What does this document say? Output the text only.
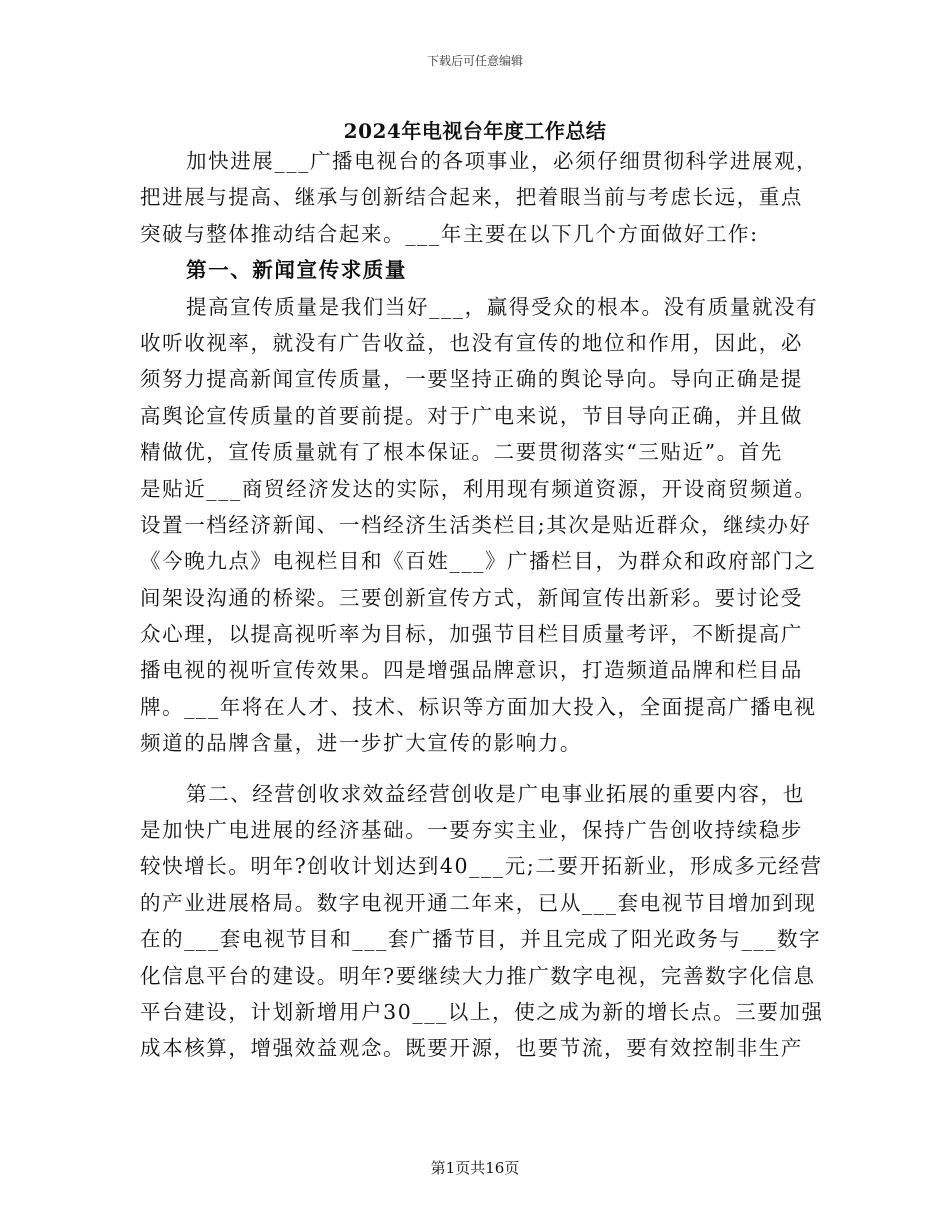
下载后可任意编辑
2024年电视台年度工作总结
加快进展___广播电视台的各项事业，必须仔细贯彻科学进展观，
把进展与提高、继承与创新结合起来，把着眼当前与考虑长远，重点
突破与整体推动结合起来。___年主要在以下几个方面做好工作:
第一、新闻宣传求质量
提高宣传质量是我们当好___，赢得受众的根本。没有质量就没有
收听收视率，就没有广告收益，也没有宣传的地位和作用，因此，必
须努力提高新闻宣传质量，一要坚持正确的舆论导向。导向正确是提
高舆论宣传质量的首要前提。对于广电来说，节目导向正确，并且做
精做优，宣传质量就有了根本保证。二要贯彻落实“三贴近”。首先
是贴近___商贸经济发达的实际，利用现有频道资源，开设商贸频道。
设置一档经济新闻、一档经济生活类栏目;其次是贴近群众，继续办好
《今晚九点》电视栏目和《百姓___》广播栏目，为群众和政府部门之
间架设沟通的桥梁。三要创新宣传方式，新闻宣传出新彩。要讨论受
众心理，以提高视听率为目标，加强节目栏目质量考评，不断提高广
播电视的视听宣传效果。四是增强品牌意识，打造频道品牌和栏目品
牌。___年将在人才、技术、标识等方面加大投入，全面提高广播电视
频道的品牌含量，进一步扩大宣传的影响力。
第二、经营创收求效益经营创收是广电事业拓展的重要内容，也
是加快广电进展的经济基础。一要夯实主业，保持广告创收持续稳步
较快增长。明年?创收计划达到40___元;二要开拓新业，形成多元经营
的产业进展格局。数字电视开通二年来，已从___套电视节目增加到现
在的___套电视节目和___套广播节目，并且完成了阳光政务与___数字
化信息平台的建设。明年?要继续大力推广数字电视，完善数字化信息
平台建设，计划新增用户30___以上，使之成为新的增长点。三要加强
成本核算，增强效益观念。既要开源，也要节流，要有效控制非生产
第1页共16页
